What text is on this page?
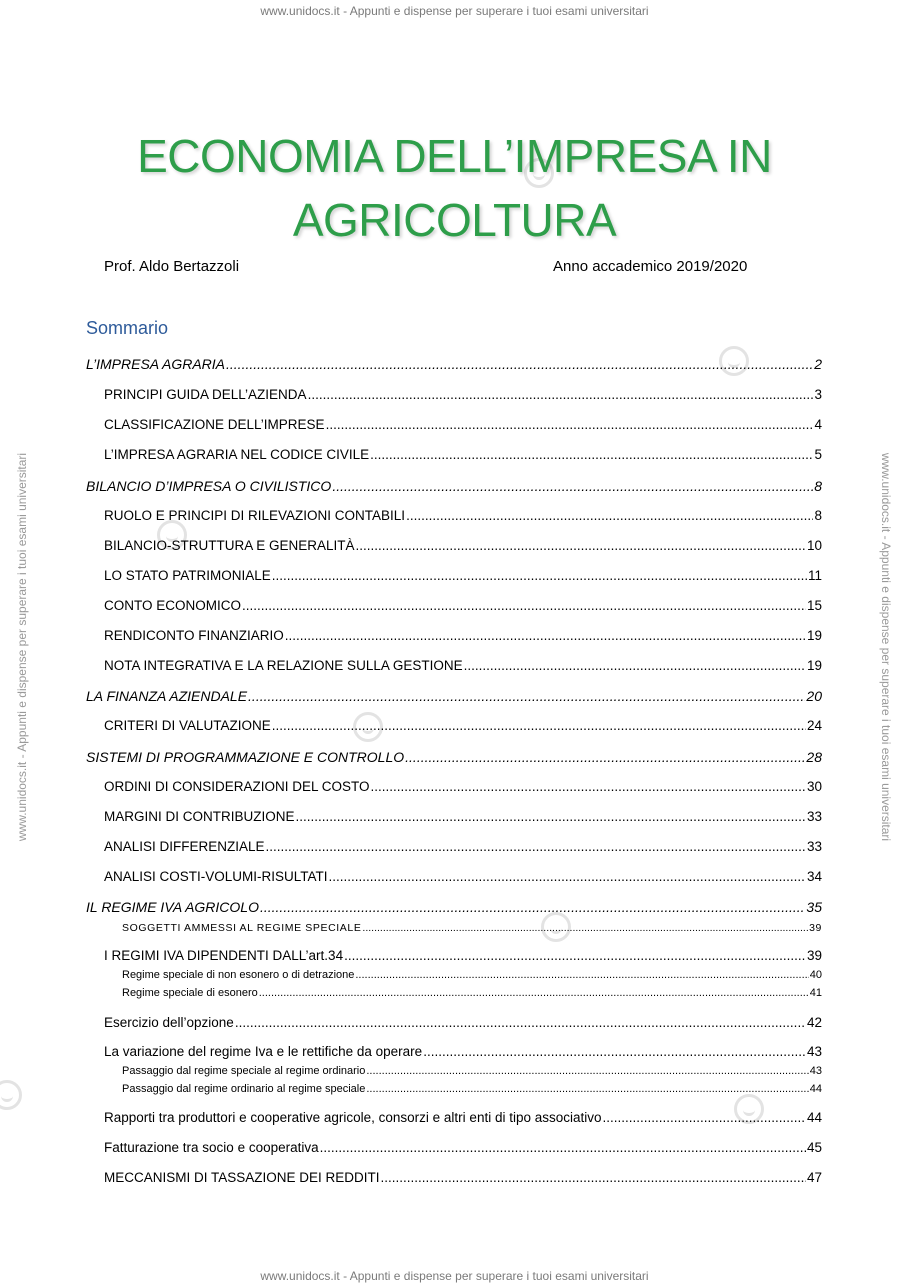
www.unidocs.it - Appunti e dispense per superare i tuoi esami universitari
www.unidocs.it - Appunti e dispense per superare i tuoi esami universitari	www.unidocs.it - Appunti e dispense per superare i tuoi esami universitari
www.unidocs.it - Appunti e dispense per superare i tuoi esami universitari
ECONOMIA DELL’IMPRESA IN
AGRICOLTURA
Prof. Aldo Bertazzoli	Anno accademico 2019/2020
Sommario
L’IMPRESA AGRARIA .....	2
PRINCIPI GUIDA DELL’AZIENDA .....	3
CLASSIFICAZIONE DELL’IMPRESE .....	4
L’IMPRESA AGRARIA NEL CODICE CIVILE .....	5
BILANCIO D’IMPRESA O CIVILISTICO .....	8
RUOLO E PRINCIPI DI RILEVAZIONI CONTABILI .....	8
BILANCIO-STRUTTURA E GENERALITÀ .....	10
LO STATO PATRIMONIALE .....	11
CONTO ECONOMICO .....	15
RENDICONTO FINANZIARIO .....	19
NOTA INTEGRATIVA E LA RELAZIONE SULLA GESTIONE .....	19
LA FINANZA AZIENDALE .....	20
CRITERI DI VALUTAZIONE .....	24
SISTEMI DI PROGRAMMAZIONE E CONTROLLO .....	28
ORDINI DI CONSIDERAZIONI DEL COSTO .....	30
MARGINI DI CONTRIBUZIONE .....	33
ANALISI DIFFERENZIALE .....	33
ANALISI COSTI-VOLUMI-RISULTATI .....	34
IL REGIME IVA AGRICOLO .....	35
SOGGETTI AMMESSI AL REGIME SPECIALE .....	39
I REGIMI IVA DIPENDENTI DALL’art.34 .....	39
Regime speciale di non esonero o di detrazione .....	40
Regime speciale di esonero .....	41
Esercizio dell’opzione .....	42
La variazione del regime Iva e le rettifiche da operare .....	43
Passaggio dal regime speciale al regime ordinario .....	43
Passaggio dal regime ordinario al regime speciale .....	44
Rapporti tra produttori e cooperative agricole, consorzi e altri enti di tipo associativo .....	44
Fatturazione tra socio e cooperativa .....	45
MECCANISMI DI TASSAZIONE DEI REDDITI .....	47
